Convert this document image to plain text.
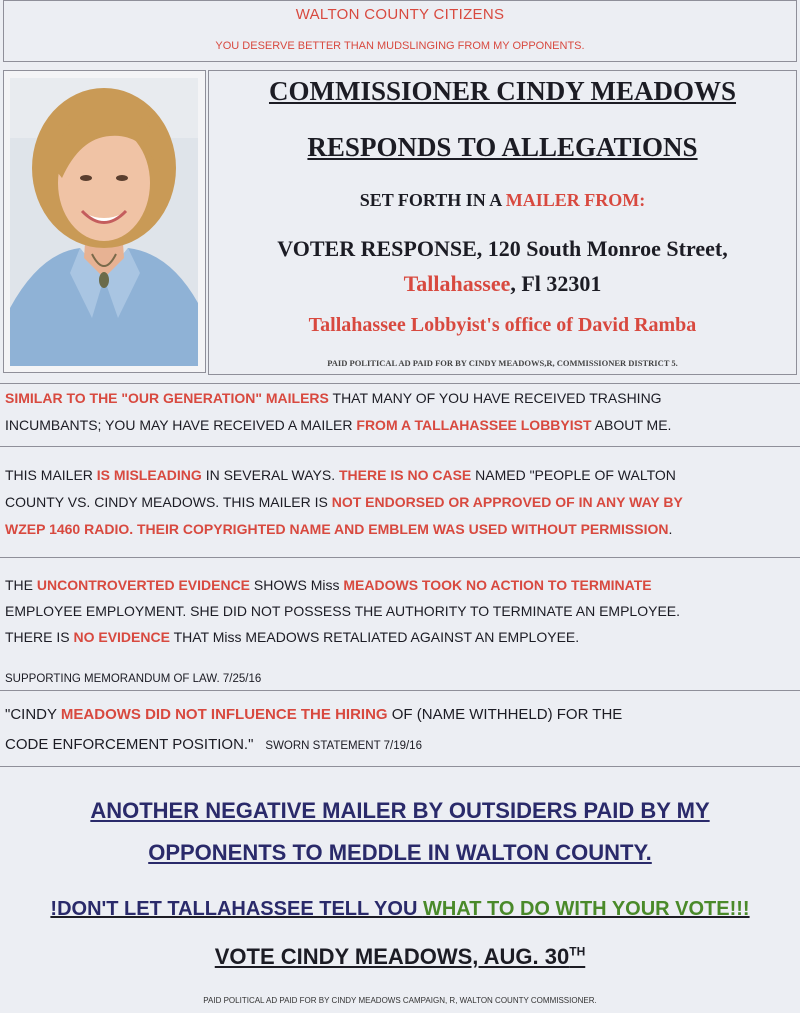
WALTON COUNTY CITIZENS
YOU DESERVE BETTER THAN MUDSLINGING FROM MY OPPONENTS.
COMMISSIONER CINDY MEADOWS
RESPONDS TO ALLEGATIONS
SET FORTH IN A MAILER FROM:
VOTER RESPONSE, 120 South Monroe Street,
Tallahassee, Fl 32301
Tallahassee Lobbyist's office of David Ramba
PAID POLITICAL AD PAID FOR BY CINDY MEADOWS,R, COMMISSIONER DISTRICT 5.
SIMILAR TO THE "OUR GENERATION" MAILERS THAT MANY OF YOU HAVE RECEIVED TRASHING
INCUMBANTS; YOU MAY HAVE RECEIVED A MAILER FROM A TALLAHASSEE LOBBYIST ABOUT ME.
THIS MAILER IS MISLEADING IN SEVERAL WAYS. THERE IS NO CASE NAMED "PEOPLE OF WALTON
COUNTY VS. CINDY MEADOWS. THIS MAILER IS NOT ENDORSED OR APPROVED OF IN ANY WAY BY
WZEP 1460 RADIO. THEIR COPYRIGHTED NAME AND EMBLEM WAS USED WITHOUT PERMISSION.
THE UNCONTROVERTED EVIDENCE SHOWS Miss MEADOWS TOOK NO ACTION TO TERMINATE
EMPLOYEE EMPLOYMENT. SHE DID NOT POSSESS THE AUTHORITY TO TERMINATE AN EMPLOYEE.
THERE IS NO EVIDENCE THAT Miss MEADOWS RETALIATED AGAINST AN EMPLOYEE.
SUPPORTING MEMORANDUM OF LAW. 7/25/16
"CINDY MEADOWS DID NOT INFLUENCE THE HIRING OF (NAME WITHHELD) FOR THE
CODE ENFORCEMENT POSITION." SWORN STATEMENT 7/19/16
ANOTHER NEGATIVE MAILER BY OUTSIDERS PAID BY MY
OPPONENTS TO MEDDLE IN WALTON COUNTY.
!DON'T LET TALLAHASSEE TELL YOU WHAT TO DO WITH YOUR VOTE!!!
VOTE CINDY MEADOWS, AUG. 30TH
PAID POLITICAL AD PAID FOR BY CINDY MEADOWS CAMPAIGN, R, WALTON COUNTY COMMISSIONER.
